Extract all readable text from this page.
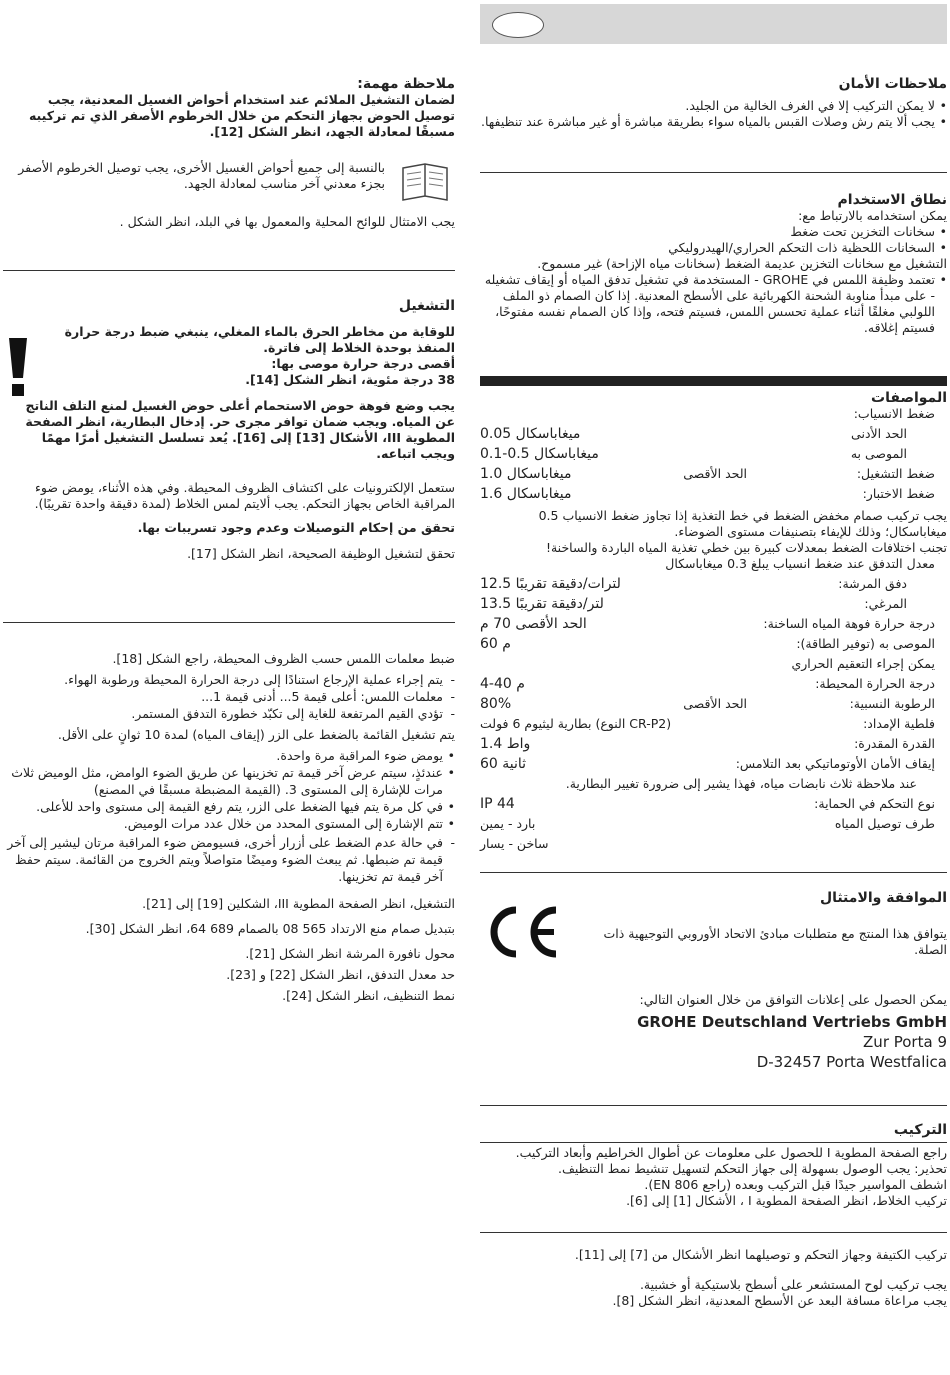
ملاحظات الأمان
• لا يمكن التركيب إلا في الغرف الخالية من الجليد.
• يجب ألا يتم رش وصلات القبس بالمياه سواء بطريقة مباشرة أو غير مباشرة عند تنظيفها.
نطاق الاستخدام

يمكن استخدامه بالارتباط مع:

• سخانات التخزين تحت ضغط
• السخانات اللحظية ذات التحكم الحراري/الهيدروليكي

التشغيل مع سخانات التخزين عديمة الضغط (سخانات مياه الإزاحة) غير مسموح.

• تعتمد وظيفة اللمس في GROHE - المستخدمة في تشغيل تدفق المياه أو إيقاف تشغيله - على مبدأ مناوبة الشحنة الكهربائية على الأسطح المعدنية. إذا كان الصمام ذو الملف اللولبي مغلقًا أثناء عملية تحسس اللمس، فسيتم فتحه، وإذا كان الصمام نفسه مفتوحًا، فسيتم إغلاقه.
المواصفات
ضغط الانسياب:
الحد الأدنى
0.05 ميغاباسكال
الموصى به
0.1-0.5 ميغاباسكال
ضغط التشغيل:
الحد الأقصى
1.0 ميغاباسكال
ضغط الاختبار:
1.6 ميغاباسكال

يجب تركيب صمام مخفض الضغط في خط التغذية إذا تجاوز ضغط الانسياب 0.5 ميغاباسكال؛ وذلك للإيفاء بتصنيفات مستوى الضوضاء.

تجنب اختلافات الضغط بمعدلات كبيرة بين خطي تغذية المياه الباردة والساخنة!

معدل التدفق عند ضغط انسياب يبلغ 0.3 ميغاباسكال
دفق المرشة:
12.5 لترات/دقيقة تقريبًا
المرغي:
13.5 لتر/دقيقة تقريبًا
درجة حرارة فوهة المياه الساخنة:
الحد الأقصى 70 م
الموصى به (توفير الطاقة):
60 م
يمكن إجراء التعقيم الحراري
درجة الحرارة المحيطة:
4-40 م
الرطوبة النسبية:
الحد الأقصى
80%
فلطية الإمداد:
بطارية ليثيوم 6 فولت (النوع CR-P2)
القدرة المقدرة:
1.4 واط
إيقاف الأمان الأوتوماتيكي بعد التلامس:
60 ثانية
عند ملاحظة ثلاث نابضات مياه، فهذا يشير إلى ضرورة تغيير البطارية.
نوع التحكم في الحماية:
IP 44
طرف توصيل المياه
بارد - يمين
ساخن - يسار
الموافقة والامتثال

يتوافق هذا المنتج مع متطلبات مبادئ الاتحاد الأوروبي التوجيهية ذات الصلة.

يمكن الحصول على إعلانات التوافق من خلال العنوان التالي:

GROHE Deutschland Vertriebs GmbH
Zur Porta 9
D-32457 Porta Westfalica
التركيب

راجع الصفحة المطوية I للحصول على معلومات عن أطوال الخراطيم وأبعاد التركيب.

تحذير: يجب الوصول بسهولة إلى جهاز التحكم لتسهيل تنشيط نمط التنظيف.

اشطف المواسير جيدًا قبل التركيب وبعده (راجع EN 806).

تركيب الخلاط، انظر الصفحة المطوية I ، الأشكال [1] إلى [6].

تركيب الكتيفة وجهاز التحكم و توصيلهما انظر الأشكال من [7] إلى [11].

يجب تركيب لوح المستشعر على أسطح بلاستيكية أو خشبية.

يجب مراعاة مسافة البعد عن الأسطح المعدنية، انظر الشكل [8].

ملاحظة مهمة:

لضمان التشغيل الملائم عند استخدام أحواض الغسيل المعدنية، يجب توصيل الحوض بجهاز التحكم من خلال الخرطوم الأصفر الذي تم تركيبه مسبقًا لمعادلة الجهد، انظر الشكل [12].

بالنسبة إلى جميع أحواض الغسيل الأخرى، يجب توصيل الخرطوم الأصفر بجزء معدني آخر مناسب لمعادلة الجهد.

يجب الامتثال للوائح المحلية والمعمول بها في البلد، انظر الشكل .

التشغيل

للوقاية من مخاطر الحرق بالماء المغلي، ينبغي ضبط درجة حرارة المنفذ بوحدة الخلاط إلى فاترة.

أقصى درجة حرارة موصى بها:

38 درجة مئوية، انظر الشكل [14].

يجب وضع فوهة حوض الاستحمام أعلى حوض الغسيل لمنع التلف الناتج عن المياه. ويجب ضمان توافر مجرى حر. إدخال البطارية، انظر الصفحة المطوية III، الأشكال [13] إلى [16]. يُعد تسلسل التشغيل أمرًا مهمًا ويجب اتباعه.

ستعمل الإلكترونيات على اكتشاف الظروف المحيطة. وفي هذه الأثناء، يومض ضوء المراقبة الخاص بجهاز التحكم. يجب ألايتم لمس الخلاط (لمدة دقيقة واحدة تقريبًا).

تحقق من إحكام التوصيلات وعدم وجود تسريبات بها.

تحقق لتشغيل الوظيفة الصحيحة، انظر الشكل [17].

ضبط معلمات اللمس حسب الظروف المحيطة، راجع الشكل [18].

- يتم إجراء عملية الإرجاع استنادًا إلى درجة الحرارة المحيطة ورطوبة الهواء.
- معلمات اللمس: أعلى قيمة 5... أدنى قيمة 1...
- تؤدي القيم المرتفعة للغاية إلى تكبّد خطورة التدفق المستمر.

يتم تشغيل القائمة بالضغط على الزر (إيقاف المياه) لمدة 10 ثوانٍ على الأقل.

• يومض ضوء المراقبة مرة واحدة.
• عندئذٍ، سيتم عرض آخر قيمة تم تخزينها عن طريق الضوء الوامض، مثل الوميض ثلاث مرات للإشارة إلى المستوى 3. (القيمة المضبطة مسبقًا في المصنع)
• في كل مرة يتم فيها الضغط على الزر، يتم رفع القيمة إلى مستوى واحد للأعلى.
• تتم الإشارة إلى المستوى المحدد من خلال عدد مرات الوميض.
- في حالة عدم الضغط على أزرار أخرى، فسيومض ضوء المراقبة مرتان ليشير إلى آخر قيمة تم ضبطها. ثم يبعث الضوء وميضًا متواصلاً ويتم الخروج من القائمة. سيتم حفظ آخر قيمة تم تخزينها.

التشغيل، انظر الصفحة المطوية III، الشكلين [19] إلى [21].

بتبديل صمام منع الارتداد 565 08 بالصمام 689 64، انظر الشكل [30].

محول نافورة المرشة انظر الشكل [21].

حد معدل التدفق، انظر الشكل [22] و [23].

نمط التنظيف، انظر الشكل [24].
